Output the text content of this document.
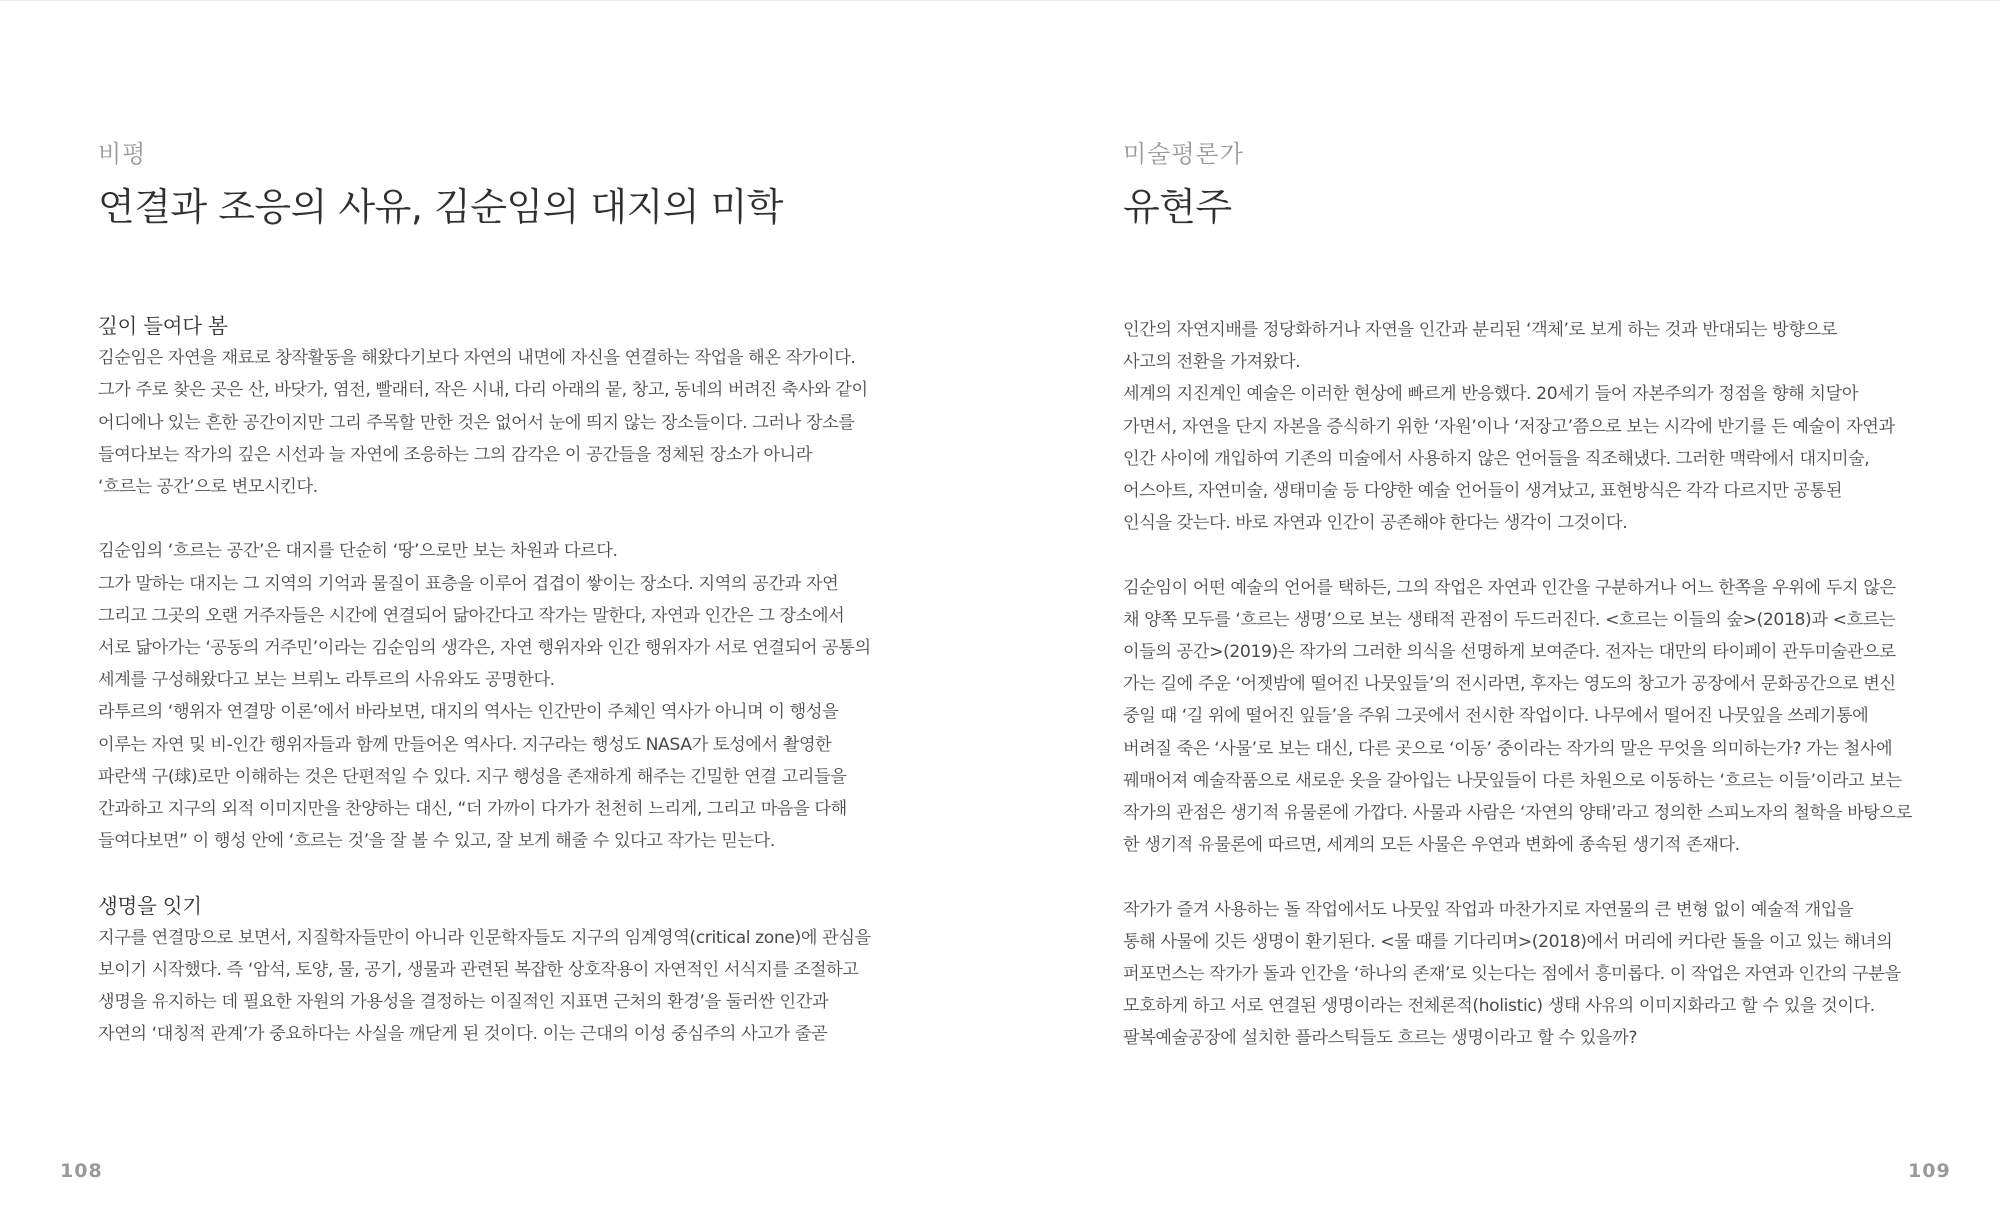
비평
연결과 조응의 사유, 김순임의 대지의 미학
깊이 들여다 봄
김순임은 자연을 재료로 창작활동을 해왔다기보다 자연의 내면에 자신을 연결하는 작업을 해온 작가이다.
그가 주로 찾은 곳은 산, 바닷가, 염전, 빨래터, 작은 시내, 다리 아래의 뭍, 창고, 동네의 버려진 축사와 같이
어디에나 있는 흔한 공간이지만 그리 주목할 만한 것은 없어서 눈에 띄지 않는 장소들이다. 그러나 장소를
들여다보는 작가의 깊은 시선과 늘 자연에 조응하는 그의 감각은 이 공간들을 정체된 장소가 아니라
‘흐르는 공간’으로 변모시킨다.
김순임의 ‘흐르는 공간’은 대지를 단순히 ‘땅’으로만 보는 차원과 다르다.
그가 말하는 대지는 그 지역의 기억과 물질이 표층을 이루어 겹겹이 쌓이는 장소다. 지역의 공간과 자연
그리고 그곳의 오랜 거주자들은 시간에 연결되어 닮아간다고 작가는 말한다, 자연과 인간은 그 장소에서
서로 닮아가는 ‘공동의 거주민’이라는 김순임의 생각은, 자연 행위자와 인간 행위자가 서로 연결되어 공통의
세계를 구성해왔다고 보는 브뤼노 라투르의 사유와도 공명한다.
라투르의 ‘행위자 연결망 이론’에서 바라보면, 대지의 역사는 인간만이 주체인 역사가 아니며 이 행성을
이루는 자연 및 비-인간 행위자들과 함께 만들어온 역사다. 지구라는 행성도 NASA가 토성에서 촬영한
파란색 구(球)로만 이해하는 것은 단편적일 수 있다. 지구 행성을 존재하게 해주는 긴밀한 연결 고리들을
간과하고 지구의 외적 이미지만을 찬양하는 대신, “더 가까이 다가가 천천히 느리게, 그리고 마음을 다해
들여다보면” 이 행성 안에 ‘흐르는 것’을 잘 볼 수 있고, 잘 보게 해줄 수 있다고 작가는 믿는다.
생명을 잇기
지구를 연결망으로 보면서, 지질학자들만이 아니라 인문학자들도 지구의 임계영역(critical zone)에 관심을
보이기 시작했다. 즉 ‘암석, 토양, 물, 공기, 생물과 관련된 복잡한 상호작용이 자연적인 서식지를 조절하고
생명을 유지하는 데 필요한 자원의 가용성을 결정하는 이질적인 지표면 근처의 환경’을 둘러싼 인간과
자연의 ‘대칭적 관계’가 중요하다는 사실을 깨닫게 된 것이다. 이는 근대의 이성 중심주의 사고가 줄곧
108
미술평론가
유현주
인간의 자연지배를 정당화하거나 자연을 인간과 분리된 ‘객체’로 보게 하는 것과 반대되는 방향으로
사고의 전환을 가져왔다.
세계의 지진계인 예술은 이러한 현상에 빠르게 반응했다. 20세기 들어 자본주의가 정점을 향해 치달아
가면서, 자연을 단지 자본을 증식하기 위한 ‘자원’이나 ‘저장고’쯤으로 보는 시각에 반기를 든 예술이 자연과
인간 사이에 개입하여 기존의 미술에서 사용하지 않은 언어들을 직조해냈다. 그러한 맥락에서 대지미술,
어스아트, 자연미술, 생태미술 등 다양한 예술 언어들이 생겨났고, 표현방식은 각각 다르지만 공통된
인식을 갖는다. 바로 자연과 인간이 공존해야 한다는 생각이 그것이다.
김순임이 어떤 예술의 언어를 택하든, 그의 작업은 자연과 인간을 구분하거나 어느 한쪽을 우위에 두지 않은
채 양쪽 모두를 ‘흐르는 생명’으로 보는 생태적 관점이 두드러진다. <흐르는 이들의 숲>(2018)과 <흐르는
이들의 공간>(2019)은 작가의 그러한 의식을 선명하게 보여준다. 전자는 대만의 타이페이 관두미술관으로
가는 길에 주운 ‘어젯밤에 떨어진 나뭇잎들’의 전시라면, 후자는 영도의 창고가 공장에서 문화공간으로 변신
중일 때 ‘길 위에 떨어진 잎들’을 주워 그곳에서 전시한 작업이다. 나무에서 떨어진 나뭇잎을 쓰레기통에
버려질 죽은 ‘사물’로 보는 대신, 다른 곳으로 ‘이동’ 중이라는 작가의 말은 무엇을 의미하는가? 가는 철사에
꿰매어져 예술작품으로 새로운 옷을 갈아입는 나뭇잎들이 다른 차원으로 이동하는 ‘흐르는 이들’이라고 보는
작가의 관점은 생기적 유물론에 가깝다. 사물과 사람은 ‘자연의 양태’라고 정의한 스피노자의 철학을 바탕으로
한 생기적 유물론에 따르면, 세계의 모든 사물은 우연과 변화에 종속된 생기적 존재다.
작가가 즐겨 사용하는 돌 작업에서도 나뭇잎 작업과 마찬가지로 자연물의 큰 변형 없이 예술적 개입을
통해 사물에 깃든 생명이 환기된다. <물 때를 기다리며>(2018)에서 머리에 커다란 돌을 이고 있는 해녀의
퍼포먼스는 작가가 돌과 인간을 ‘하나의 존재’로 잇는다는 점에서 흥미롭다. 이 작업은 자연과 인간의 구분을
모호하게 하고 서로 연결된 생명이라는 전체론적(holistic) 생태 사유의 이미지화라고 할 수 있을 것이다.
팔복예술공장에 설치한 플라스틱들도 흐르는 생명이라고 할 수 있을까?
109
